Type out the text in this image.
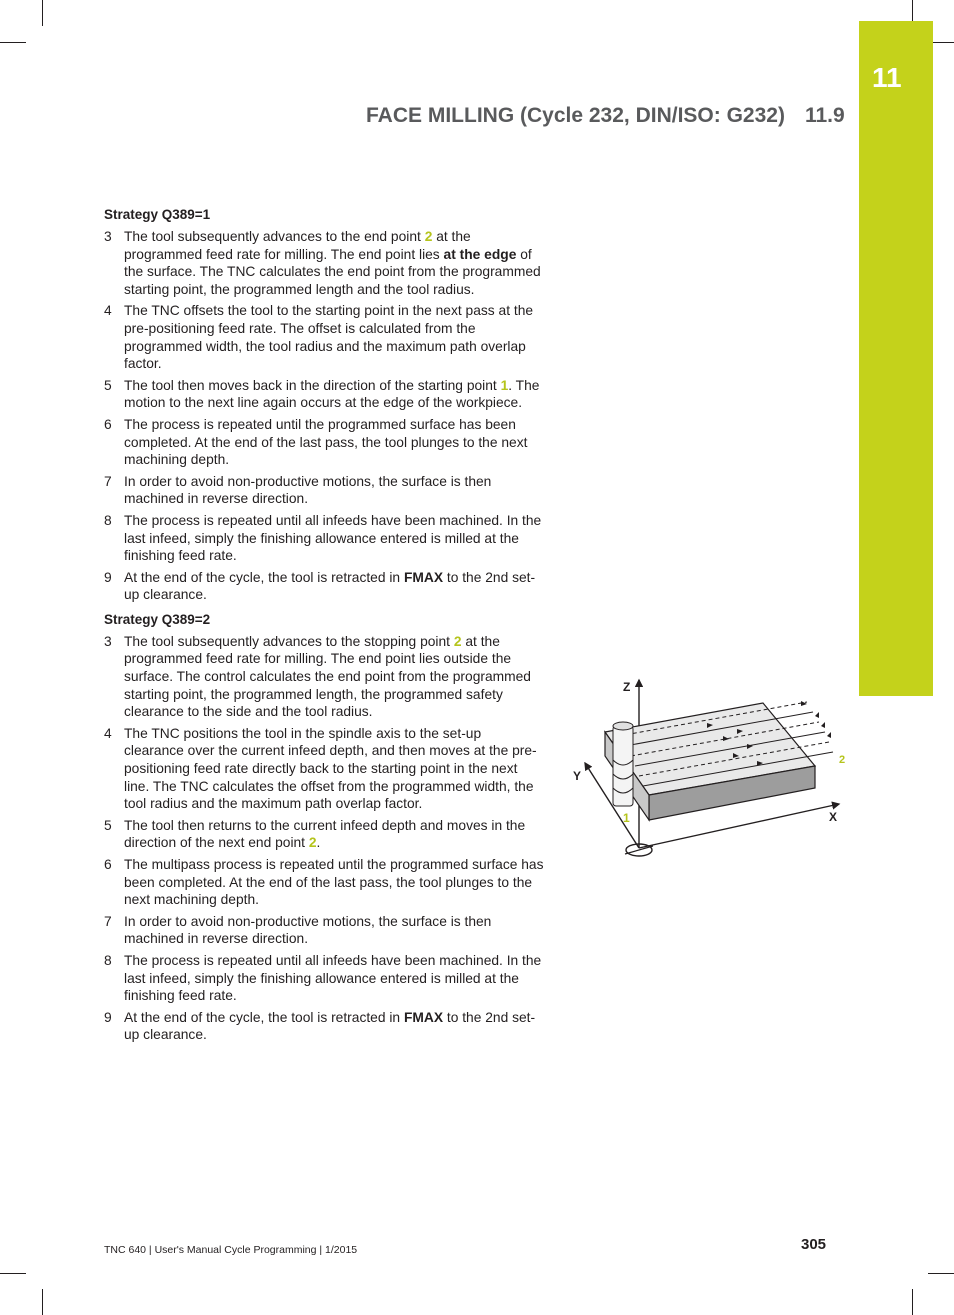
11
FACE MILLING (Cycle 232, DIN/ISO: G232) 11.9
Strategy Q389=1
3 The tool subsequently advances to the end point 2 at the programmed feed rate for milling. The end point lies at the edge of the surface. The TNC calculates the end point from the programmed starting point, the programmed length and the tool radius.
4 The TNC offsets the tool to the starting point in the next pass at the pre-positioning feed rate. The offset is calculated from the programmed width, the tool radius and the maximum path overlap factor.
5 The tool then moves back in the direction of the starting point 1. The motion to the next line again occurs at the edge of the workpiece.
6 The process is repeated until the programmed surface has been completed. At the end of the last pass, the tool plunges to the next machining depth.
7 In order to avoid non-productive motions, the surface is then machined in reverse direction.
8 The process is repeated until all infeeds have been machined. In the last infeed, simply the finishing allowance entered is milled at the finishing feed rate.
9 At the end of the cycle, the tool is retracted in FMAX to the 2nd set-up clearance.
Strategy Q389=2
3 The tool subsequently advances to the stopping point 2 at the programmed feed rate for milling. The end point lies outside the surface. The control calculates the end point from the programmed starting point, the programmed length, the programmed safety clearance to the side and the tool radius.
4 The TNC positions the tool in the spindle axis to the set-up clearance over the current infeed depth, and then moves at the pre-positioning feed rate directly back to the starting point in the next line. The TNC calculates the offset from the programmed width, the tool radius and the maximum path overlap factor.
5 The tool then returns to the current infeed depth and moves in the direction of the next end point 2.
6 The multipass process is repeated until the programmed surface has been completed. At the end of the last pass, the tool plunges to the next machining depth.
7 In order to avoid non-productive motions, the surface is then machined in reverse direction.
8 The process is repeated until all infeeds have been machined. In the last infeed, simply the finishing allowance entered is milled at the finishing feed rate.
9 At the end of the cycle, the tool is retracted in FMAX to the 2nd set-up clearance.
Z
Y
X
1
2
TNC 640 | User's Manual Cycle Programming | 1/2015	305
